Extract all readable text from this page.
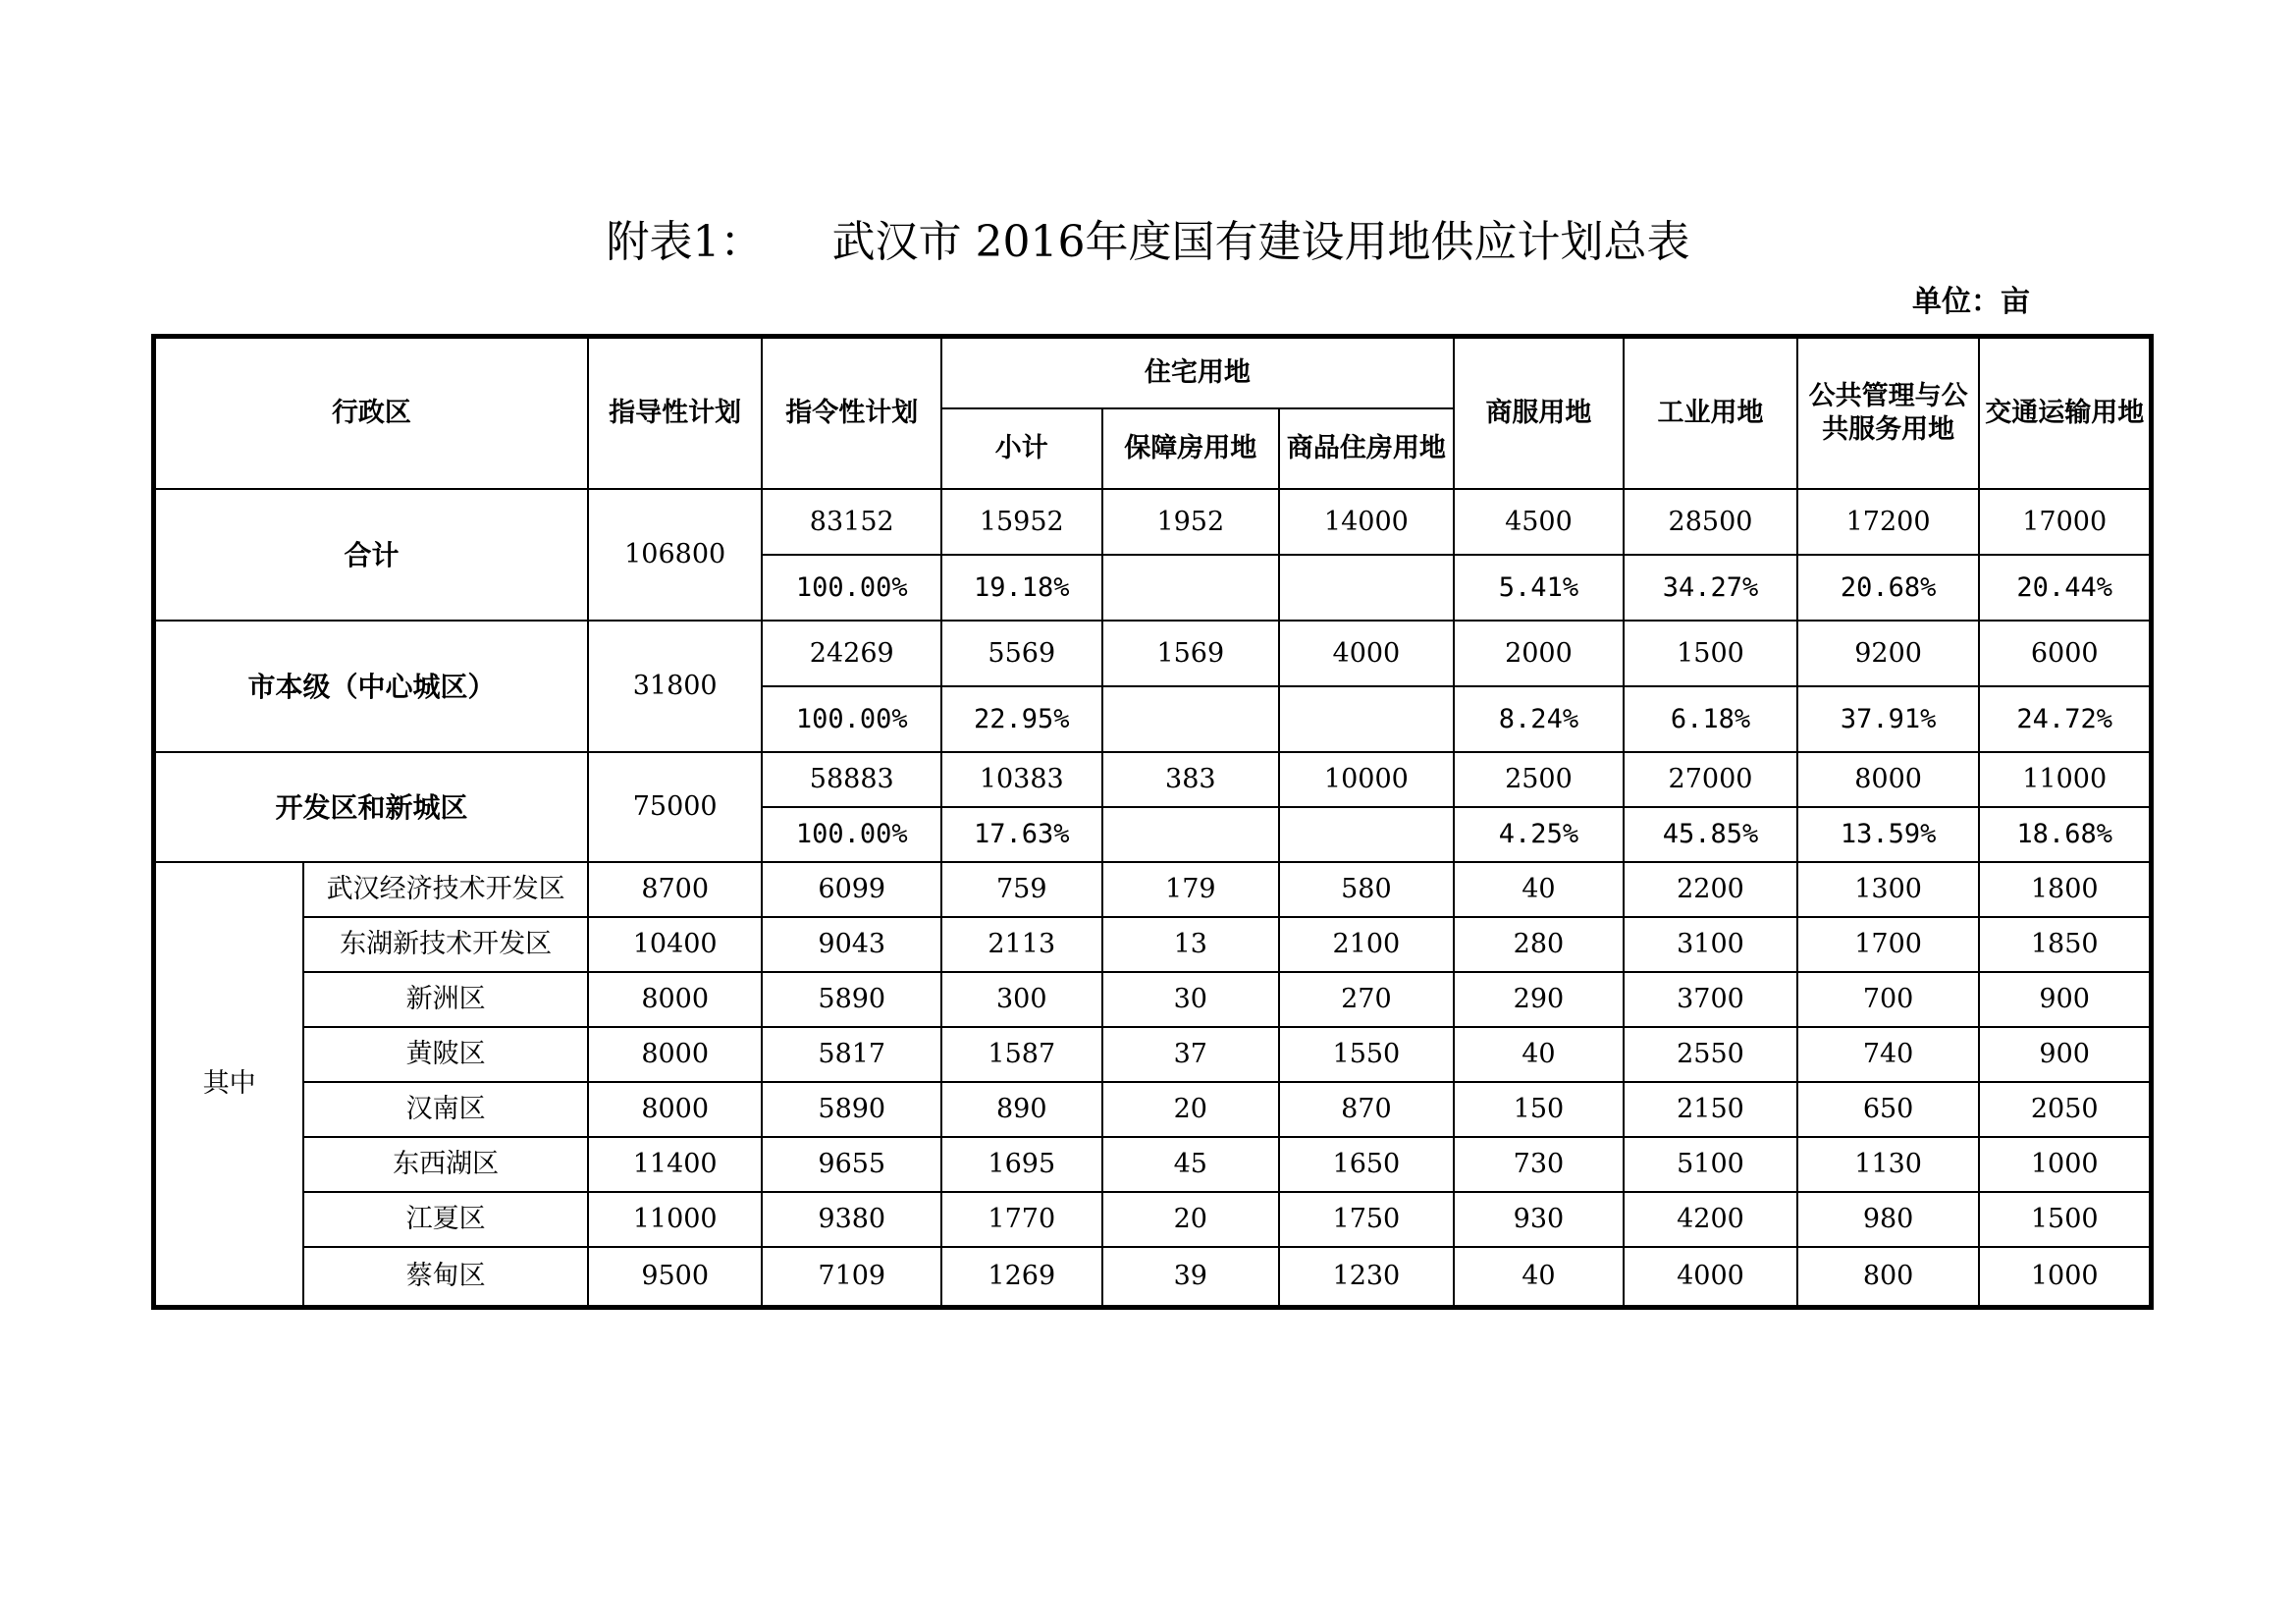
附表1： 武汉市 2016年度国有建设用地供应计划总表
单位：亩
行政区		指导性计划	指令性计划	住宅用地			商服用地	工业用地	公共管理与公共服务用地	交通运输用地
				小计	保障房用地	商品住房用地				
合计		106800	83152	15952	1952	14000	4500	28500	17200	17000
			100.00%	19.18%			5.41%	34.27%	20.68%	20.44%
市本级（中心城区）		31800	24269	5569	1569	4000	2000	1500	9200	6000
			100.00%	22.95%			8.24%	6.18%	37.91%	24.72%
开发区和新城区		75000	58883	10383	383	10000	2500	27000	8000	11000
			100.00%	17.63%			4.25%	45.85%	13.59%	18.68%
其中	武汉经济技术开发区	8700	6099	759	179	580	40	2200	1300	1800
	东湖新技术开发区	10400	9043	2113	13	2100	280	3100	1700	1850
	新洲区	8000	5890	300	30	270	290	3700	700	900
	黄陂区	8000	5817	1587	37	1550	40	2550	740	900
	汉南区	8000	5890	890	20	870	150	2150	650	2050
	东西湖区	11400	9655	1695	45	1650	730	5100	1130	1000
	江夏区	11000	9380	1770	20	1750	930	4200	980	1500
	蔡甸区	9500	7109	1269	39	1230	40	4000	800	1000
